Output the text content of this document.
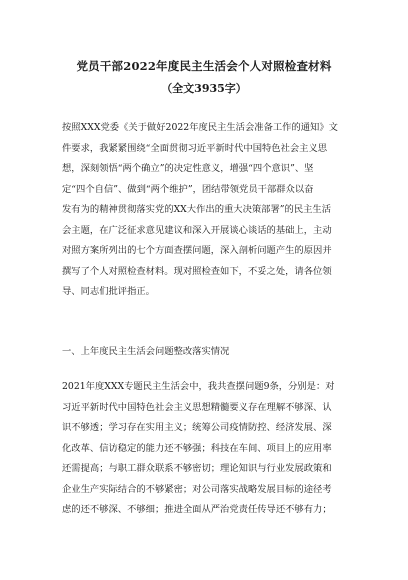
党员干部2022年度民主生活会个人对照检查材料
（全文3935字）
按照XXX党委《关于做好2022年度民主生活会准备工作的通知》文
件要求，我紧紧围绕“全面贯彻习近平新时代中国特色社会主义思
想，深刻领悟“两个确立”的决定性意义，增强“四个意识”、坚
定“四个自信”、做到“两个维护”，团结带领党员干部群众以奋
发有为的精神贯彻落实党的XX大作出的重大决策部署”的民主生活
会主题，在广泛征求意见建议和深入开展谈心谈话的基础上，主动
对照方案所列出的七个方面查摆问题，深入剖析问题产生的原因并
撰写了个人对照检查材料。现对照检查如下，不妥之处，请各位领
导、同志们批评指正。
一、上年度民主生活会问题整改落实情况
2021年度XXX专题民主生活会中，我共查摆问题9条，分别是：对
习近平新时代中国特色社会主义思想精髓要义存在理解不够深、认
识不够透；学习存在实用主义；统筹公司疫情防控、经济发展、深
化改革、信访稳定的能力还不够强；科技在车间、项目上的应用率
还需提高；与职工群众联系不够密切；理论知识与行业发展政策和
企业生产实际结合的不够紧密；对公司落实战略发展目标的途径考
虑的还不够深、不够细；推进全面从严治党责任传导还不够有力；
